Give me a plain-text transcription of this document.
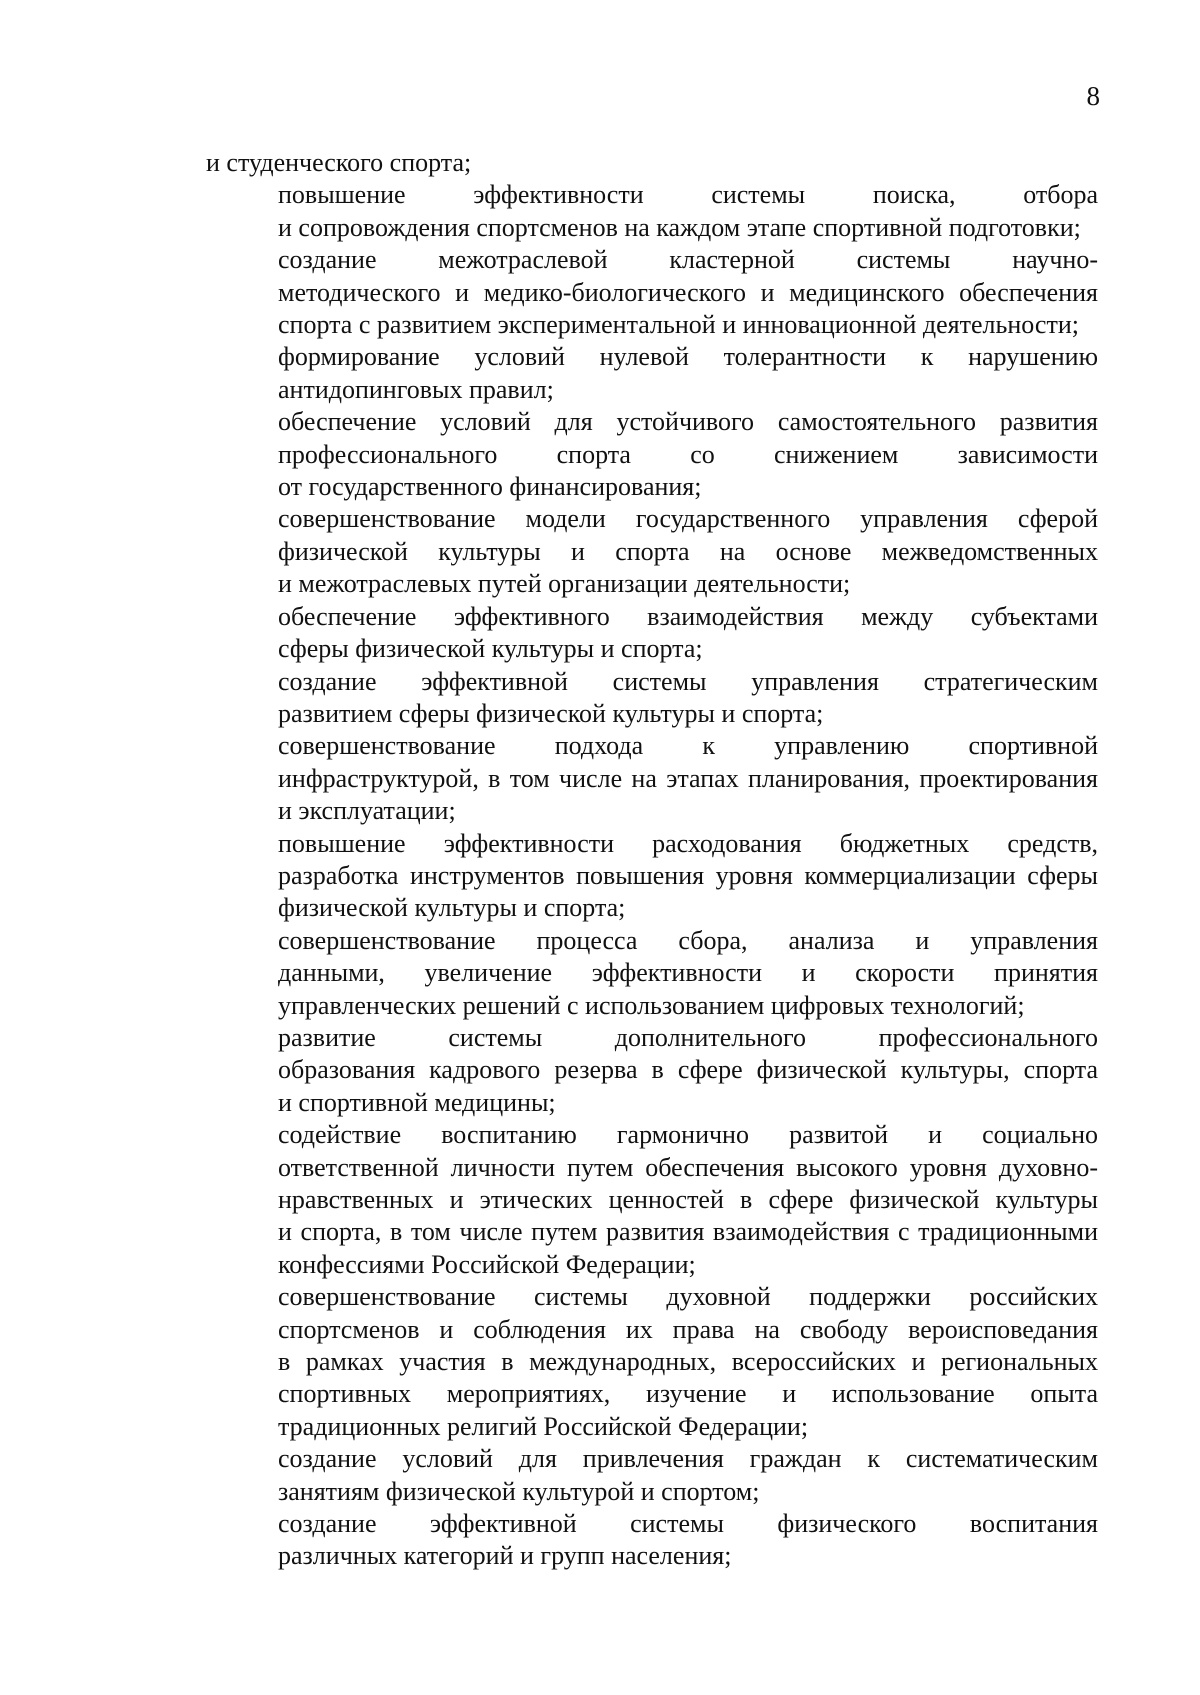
8
и студенческого спорта;
повышение эффективности системы поиска, отбора
и сопровождения спортсменов на каждом этапе спортивной подготовки;
создание межотраслевой кластерной системы научно-
методического и медико-биологического и медицинского обеспечения
спорта с развитием экспериментальной и инновационной деятельности;
формирование условий нулевой толерантности к нарушению
антидопинговых правил;
обеспечение условий для устойчивого самостоятельного развития
профессионального спорта со снижением зависимости
от государственного финансирования;
совершенствование модели государственного управления сферой
физической культуры и спорта на основе межведомственных
и межотраслевых путей организации деятельности;
обеспечение эффективного взаимодействия между субъектами
сферы физической культуры и спорта;
создание эффективной системы управления стратегическим
развитием сферы физической культуры и спорта;
совершенствование подхода к управлению спортивной
инфраструктурой, в том числе на этапах планирования, проектирования
и эксплуатации;
повышение эффективности расходования бюджетных средств,
разработка инструментов повышения уровня коммерциализации сферы
физической культуры и спорта;
совершенствование процесса сбора, анализа и управления
данными, увеличение эффективности и скорости принятия
управленческих решений с использованием цифровых технологий;
развитие системы дополнительного профессионального
образования кадрового резерва в сфере физической культуры, спорта
и спортивной медицины;
содействие воспитанию гармонично развитой и социально
ответственной личности путем обеспечения высокого уровня духовно-
нравственных и этических ценностей в сфере физической культуры
и спорта, в том числе путем развития взаимодействия с традиционными
конфессиями Российской Федерации;
совершенствование системы духовной поддержки российских
спортсменов и соблюдения их права на свободу вероисповедания
в рамках участия в международных, всероссийских и региональных
спортивных мероприятиях, изучение и использование опыта
традиционных религий Российской Федерации;
создание условий для привлечения граждан к систематическим
занятиям физической культурой и спортом;
создание эффективной системы физического воспитания
различных категорий и групп населения;
